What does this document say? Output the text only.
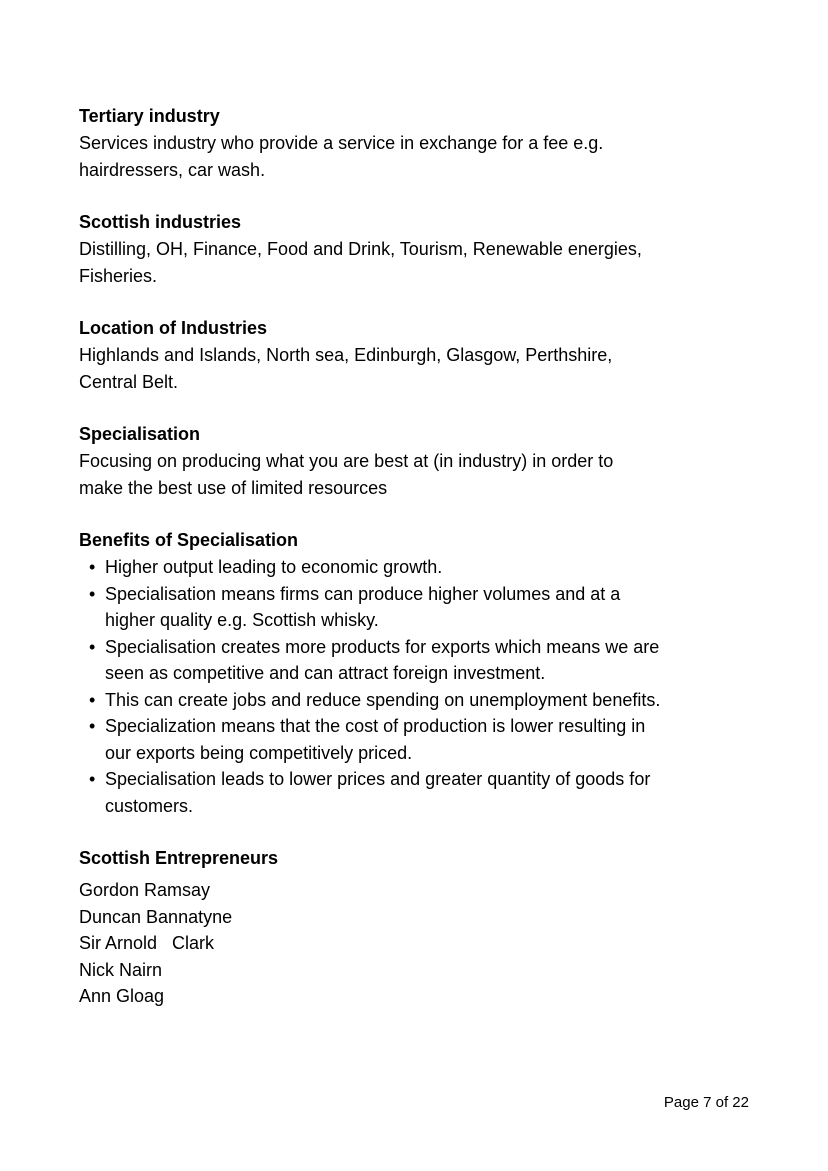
Tertiary industry

Services industry who provide a service in exchange for a fee e.g.
hairdressers, car wash.

Scottish industries

Distilling, OH, Finance, Food and Drink, Tourism, Renewable energies,
Fisheries.

Location of Industries

Highlands and Islands, North sea, Edinburgh, Glasgow, Perthshire,
Central Belt.

Specialisation

Focusing on producing what you are best at (in industry) in order to
make the best use of limited resources

Benefits of Specialisation

• Higher output leading to economic growth.
• Specialisation means firms can produce higher volumes and at a
higher quality e.g. Scottish whisky.
• Specialisation creates more products for exports which means we are
seen as competitive and can attract foreign investment.
• This can create jobs and reduce spending on unemployment benefits.
• Specialization means that the cost of production is lower resulting in
our exports being competitively priced.
• Specialisation leads to lower prices and greater quantity of goods for
customers.

Scottish Entrepreneurs

Gordon Ramsay
Duncan Bannatyne
Sir Arnold   Clark
Nick Nairn
Ann Gloag
Page 7 of 22
